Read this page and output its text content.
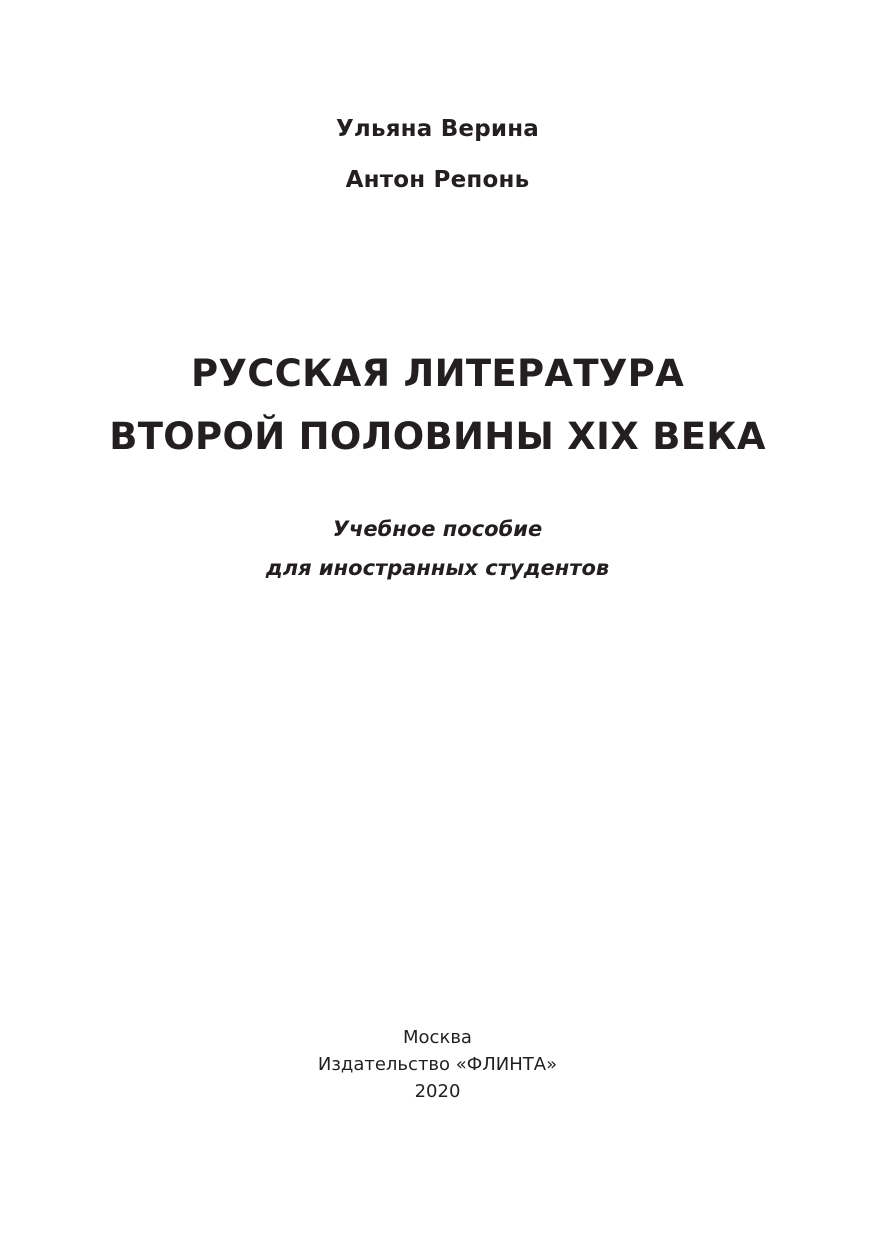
Ульяна Верина
Антон Репонь
РУССКАЯ ЛИТЕРАТУРА
ВТОРОЙ ПОЛОВИНЫ XIX ВЕКА
Учебное пособие
для иностранных студентов
Москва
Издательство «ФЛИНТА»
2020
